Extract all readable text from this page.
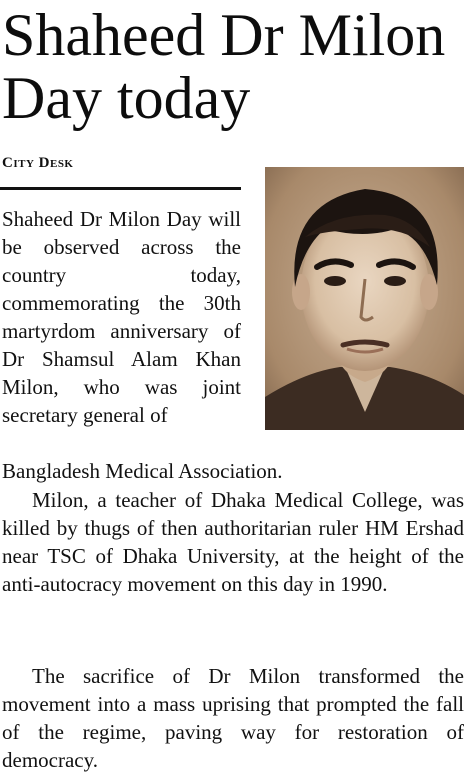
Shaheed Dr Milon Day today
City Desk

Shaheed Dr Milon Day will be observed across the country today, commemorating the 30th martyrdom anniversary of Dr Shamsul Alam Khan Milon, who was joint secretary general of

Bangladesh Medical Association.

Milon, a teacher of Dhaka Medical College, was killed by thugs of then authoritarian ruler HM Ershad near TSC of Dhaka University, at the height of the anti-autocracy movement on this day in 1990.

The sacrifice of Dr Milon transformed the movement into a mass uprising that prompted the fall of the regime, paving way for restoration of democracy.
